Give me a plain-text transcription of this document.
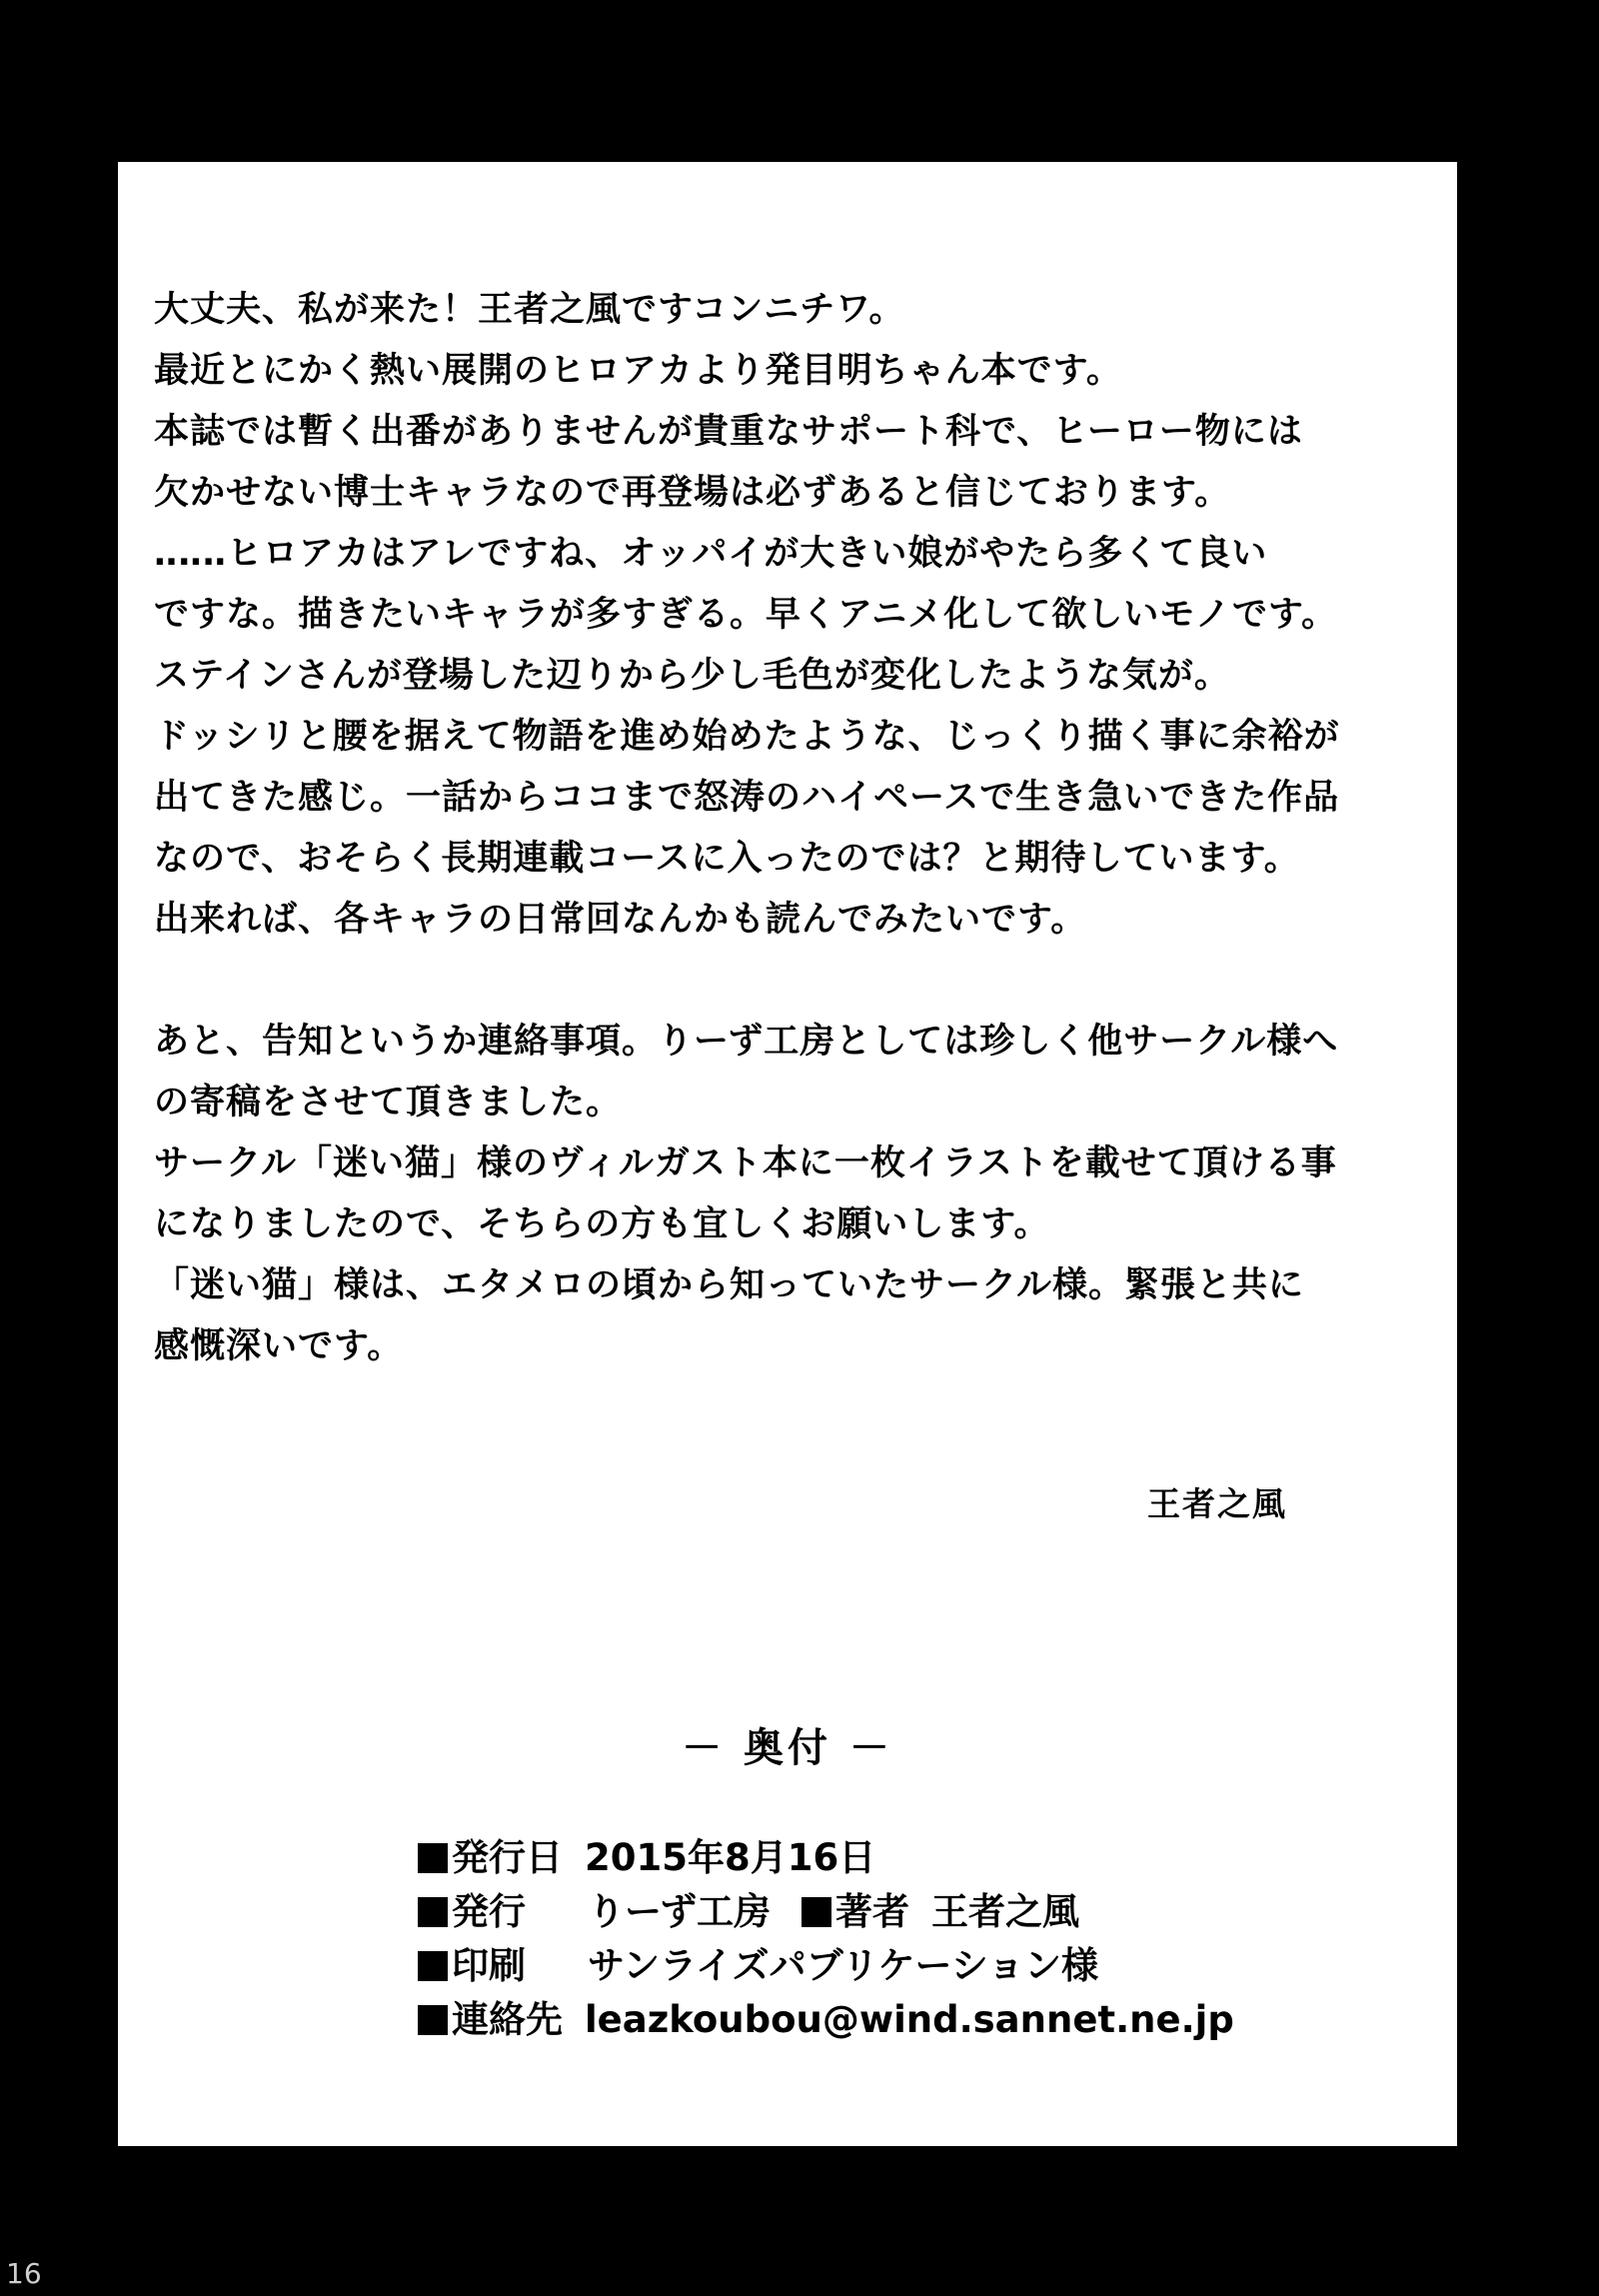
大丈夫、私が来た！王者之風ですコンニチワ。
最近とにかく熱い展開のヒロアカより発目明ちゃん本です。
本誌では暫く出番がありませんが貴重なサポート科で、ヒーロー物には
欠かせない博士キャラなので再登場は必ずあると信じております。
‥‥‥ヒロアカはアレですね、オッパイが大きい娘がやたら多くて良い
ですな。描きたいキャラが多すぎる。早くアニメ化して欲しいモノです。
ステインさんが登場した辺りから少し毛色が変化したような気が。
ドッシリと腰を据えて物語を進め始めたような、じっくり描く事に余裕が
出てきた感じ。一話からココまで怒涛のハイペースで生き急いできた作品
なので、おそらく長期連載コースに入ったのでは？と期待しています。
出来れば、各キャラの日常回なんかも読んでみたいです。
あと、告知というか連絡事項。りーず工房としては珍しく他サークル様へ
の寄稿をさせて頂きました。
サークル「迷い猫」様のヴィルガスト本に一枚イラストを載せて頂ける事
になりましたので、そちらの方も宜しくお願いします。
「迷い猫」様は、エタメロの頃から知っていたサークル様。緊張と共に
感慨深いです。
王者之風
－ 奥付 －
発行日 2015年8月16日
発行 りーず工房 著者 王者之風
印刷 サンライズパブリケーション様
連絡先 leazkoubou@wind.sannet.ne.jp
16
